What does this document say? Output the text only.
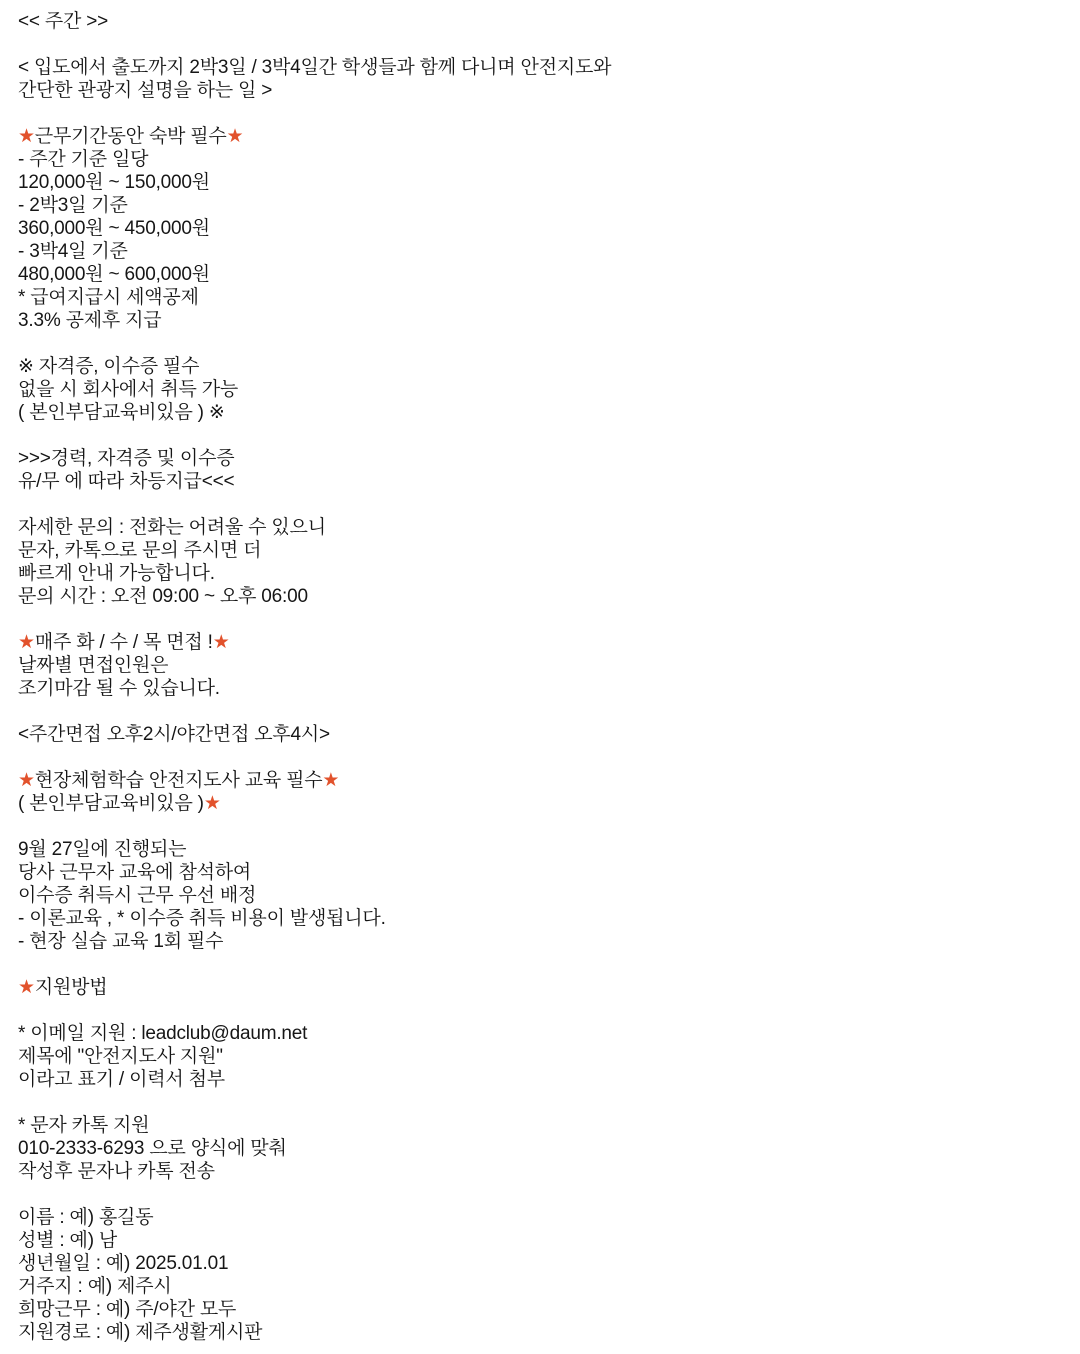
<< 주간 >>

< 입도에서 출도까지 2박3일 / 3박4일간 학생들과 함께 다니며 안전지도와
간단한 관광지 설명을 하는 일 >

★근무기간동안 숙박 필수★
- 주간 기준 일당
120,000원 ~ 150,000원
- 2박3일 기준
360,000원 ~ 450,000원
- 3박4일 기준
480,000원 ~ 600,000원
* 급여지급시 세액공제
3.3% 공제후 지급

※ 자격증, 이수증 필수
없을 시 회사에서 취득 가능
( 본인부담교육비있음 ) ※

>>>경력, 자격증 및 이수증
유/무 에 따라 차등지급<<<

자세한 문의 : 전화는 어려울 수 있으니
문자, 카톡으로 문의 주시면 더
빠르게 안내 가능합니다.
문의 시간 : 오전 09:00 ~ 오후 06:00

★매주 화 / 수 / 목 면접 !★
날짜별 면접인원은
조기마감 될 수 있습니다.

<주간면접 오후2시/야간면접 오후4시>

★현장체험학습 안전지도사 교육 필수★
( 본인부담교육비있음 )★

9월 27일에 진행되는
당사 근무자 교육에 참석하여
이수증 취득시 근무 우선 배정
- 이론교육 , * 이수증 취득 비용이 발생됩니다.
- 현장 실습 교육 1회 필수

★지원방법

* 이메일 지원 : leadclub@daum.net
제목에 "안전지도사 지원"
이라고 표기 / 이력서 첨부

* 문자 카톡 지원
010-2333-6293 으로 양식에 맞춰
작성후 문자나 카톡 전송

이름 : 예) 홍길동
성별 : 예) 남
생년월일 : 예) 2025.01.01
거주지 : 예) 제주시
희망근무 : 예) 주/야간 모두
지원경로 : 예) 제주생활게시판
